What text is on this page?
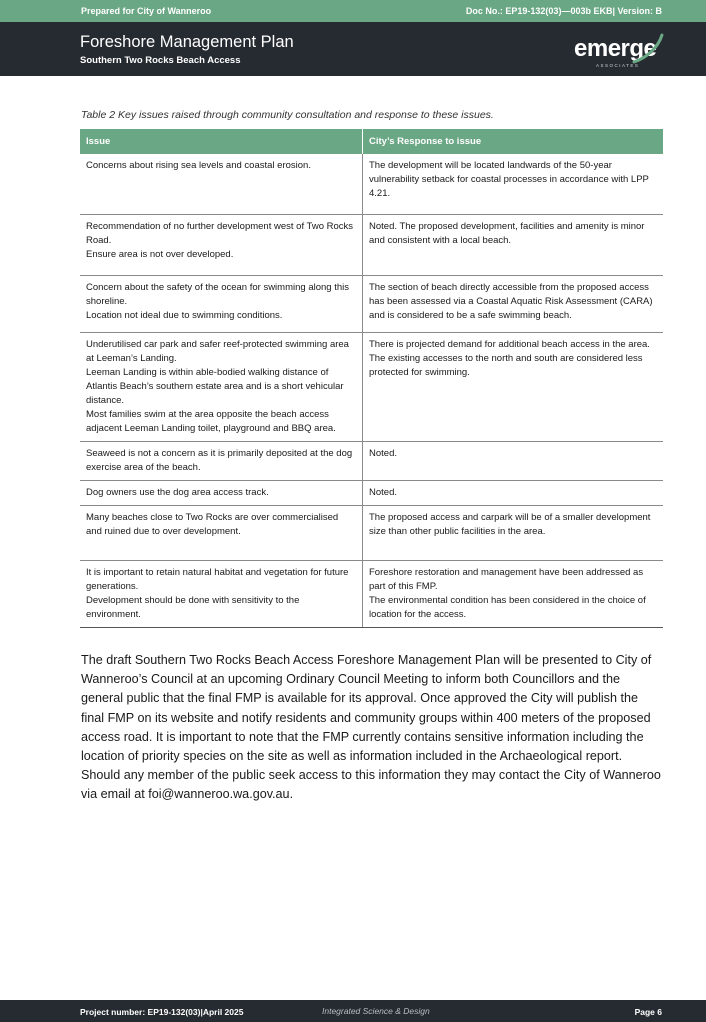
Prepared for City of Wanneroo	Doc No.: EP19-132(03)—003b EKB| Version: B
Foreshore Management Plan
Southern Two Rocks Beach Access	emerge
ASSOCIATES
Table 2 Key issues raised through community consultation and response to these issues.
Issue	City’s Response to issue

Concerns about rising sea levels and coastal erosion.	The development will be located landwards of the 50-year vulnerability setback for coastal processes in accordance with LPP 4.21.

Recommendation of no further development west of Two Rocks Road.
Ensure area is not over developed.	Noted. The proposed development, facilities and amenity is minor and consistent with a local beach.

Concern about the safety of the ocean for swimming along this shoreline.
Location not ideal due to swimming conditions.	The section of beach directly accessible from the proposed access has been assessed via a Coastal Aquatic Risk Assessment (CARA) and is considered to be a safe swimming beach.

Underutilised car park and safer reef-protected swimming area at Leeman’s Landing.
Leeman Landing is within able-bodied walking distance of Atlantis Beach’s southern estate area and is a short vehicular distance.
Most families swim at the area opposite the beach access adjacent Leeman Landing toilet, playground and BBQ area.	There is projected demand for additional beach access in the area. The existing accesses to the north and south are considered less protected for swimming.

Seaweed is not a concern as it is primarily deposited at the dog exercise area of the beach.	Noted.

Dog owners use the dog area access track.	Noted.

Many beaches close to Two Rocks are over commercialised and ruined due to over development.	The proposed access and carpark will be of a smaller development size than other public facilities in the area.

It is important to retain natural habitat and vegetation for future generations.
Development should be done with sensitivity to the environment.	Foreshore restoration and management have been addressed as part of this FMP.
The environmental condition has been considered in the choice of location for the access.
The draft Southern Two Rocks Beach Access Foreshore Management Plan will be presented to City of Wanneroo’s Council at an upcoming Ordinary Council Meeting to inform both Councillors and the general public that the final FMP is available for its approval. Once approved the City will publish the final FMP on its website and notify residents and community groups within 400 meters of the proposed access road. It is important to note that the FMP currently contains sensitive information including the location of priority species on the site as well as information included in the Archaeological report. Should any member of the public seek access to this information they may contact the City of Wanneroo via email at foi@wanneroo.wa.gov.au.
Project number: EP19-132(03)|April 2025	Integrated Science & Design	Page 6
